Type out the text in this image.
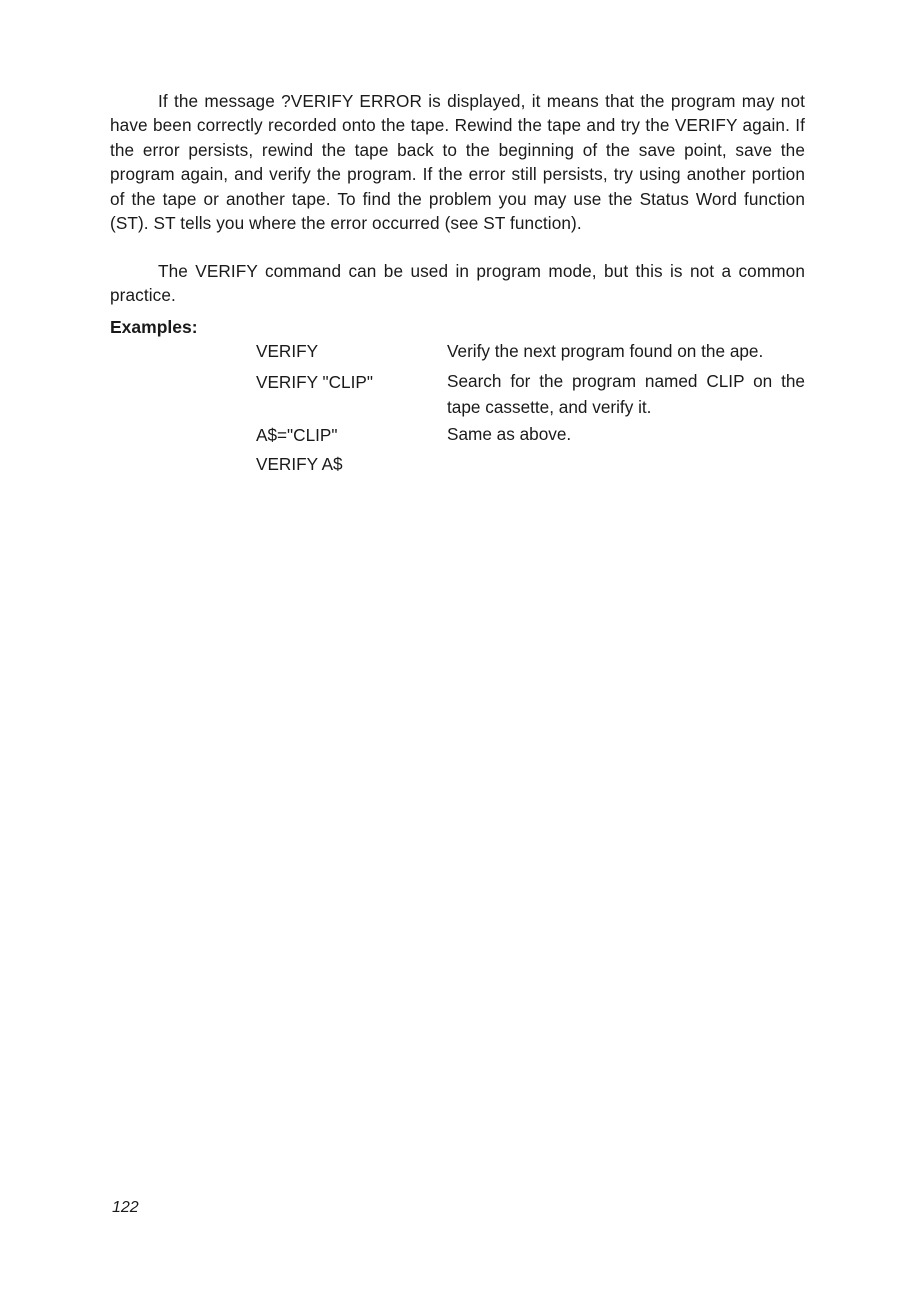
If the message ?VERIFY ERROR is displayed, it means that the program may not have been correctly recorded onto the tape. Rewind the tape and try the VERIFY again. If the error persists, rewind the tape back to the beginning of the save point, save the program again, and verify the program. If the error still persists, try using another portion of the tape or another tape. To find the problem you may use the Status Word function (ST). ST tells you where the error occurred (see ST function).

The VERIFY command can be used in program mode, but this is not a common practice.

Examples:
VERIFY	Verify the next program found on the ape.
VERIFY "CLIP"	Search for the program named CLIP on the tape cassette, and verify it.
A$="CLIP"	Same as above.
VERIFY A$
122
